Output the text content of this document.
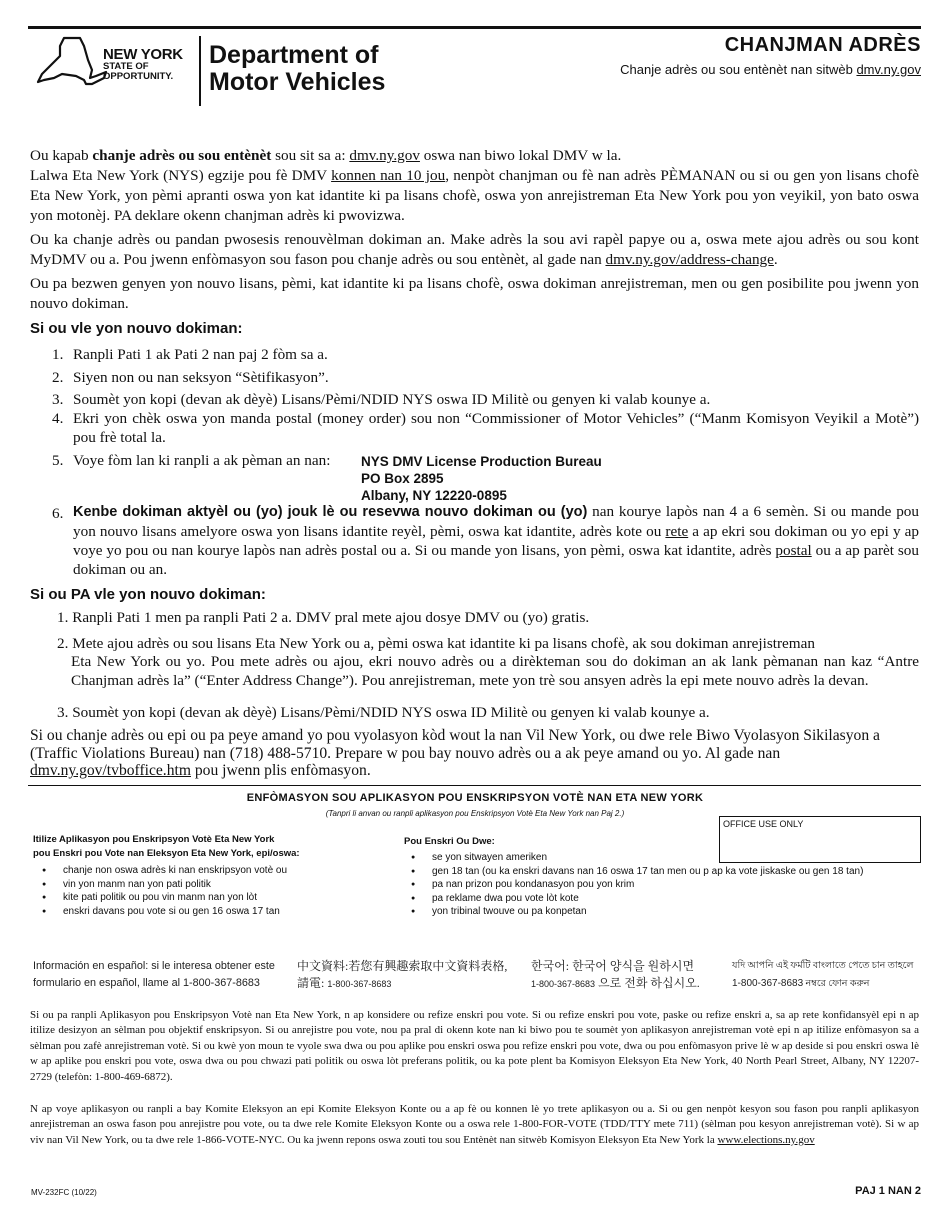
NEW YORK
STATE OF
OPPORTUNITY.
Department of
Motor Vehicles
CHANJMAN ADRÈS
Chanje adrès ou sou entènèt nan sitwèb dmv.ny.gov
Ou kapab chanje adrès ou sou entènèt sou sit sa a: dmv.ny.gov oswa nan biwo lokal DMV w la.
Lalwa Eta New York (NYS) egzije pou fè DMV konnen nan 10 jou, nenpòt chanjman ou fè nan adrès PÈMANAN ou si ou gen yon lisans chofè Eta New York, yon pèmi apranti oswa yon kat idantite ki pa lisans chofè, oswa yon anrejistreman Eta New York pou yon veyikil, yon bato oswa yon motonèj. PA deklare okenn chanjman adrès ki pwovizwa.
Ou ka chanje adrès ou pandan pwosesis renouvèlman dokiman an. Make adrès la sou avi rapèl papye ou a, oswa mete ajou adrès ou sou kont MyDMV ou a. Pou jwenn enfòmasyon sou fason pou chanje adrès ou sou entènèt, al gade nan dmv.ny.gov/address-change.
Ou pa bezwen genyen yon nouvo lisans, pèmi, kat idantite ki pa lisans chofè, oswa dokiman anrejistreman, men ou gen posibilite pou jwenn yon nouvo dokiman.
Si ou vle yon nouvo dokiman:
1. Ranpli Pati 1 ak Pati 2 nan paj 2 fòm sa a.
2. Siyen non ou nan seksyon “Sètifikasyon”.
3. Soumèt yon kopi (devan ak dèyè) Lisans/Pèmi/NDID NYS oswa ID Militè ou genyen ki valab kounye a.
4. Ekri yon chèk oswa yon manda postal (money order) sou non “Commissioner of Motor Vehicles” (“Manm Komisyon Veyikil a Motè”) pou frè total la.
5. Voye fòm lan ki ranpli a ak pèman an nan:	NYS DMV License Production Bureau
PO Box 2895
Albany, NY 12220-0895
6. Kenbe dokiman aktyèl ou (yo) jouk lè ou resevwa nouvo dokiman ou (yo) nan kourye lapòs nan 4 a 6 semèn. Si ou mande pou yon nouvo lisans amelyore oswa yon lisans idantite reyèl, pèmi, oswa kat idantite, adrès kote ou rete a ap ekri sou dokiman ou yo epi y ap voye yo pou ou nan kourye lapòs nan adrès postal ou a. Si ou mande yon lisans, yon pèmi, oswa kat idantite, adrès postal ou a ap parèt sou dokiman ou an.
Si ou PA vle yon nouvo dokiman:
1. Ranpli Pati 1 men pa ranpli Pati 2 a. DMV pral mete ajou dosye DMV ou (yo) gratis.
2. Mete ajou adrès ou sou lisans Eta New York ou a, pèmi oswa kat idantite ki pa lisans chofè, ak sou dokiman anrejistreman
Eta New York ou yo. Pou mete adrès ou ajou, ekri nouvo adrès ou a dirèkteman sou do dokiman an ak lank pèmanan nan kaz “Antre Chanjman adrès la” (“Enter Address Change”). Pou anrejistreman, mete yon trè sou ansyen adrès la epi mete nouvo adrès la devan.
3. Soumèt yon kopi (devan ak dèyè) Lisans/Pèmi/NDID NYS oswa ID Militè ou genyen ki valab kounye a.
Si ou chanje adrès ou epi ou pa peye amand yo pou vyolasyon kòd wout la nan Vil New York, ou dwe rele Biwo Vyolasyon Sikilasyon a (Traffic Violations Bureau) nan (718) 488-5710. Prepare w pou bay nouvo adrès ou a ak peye amand ou yo. Al gade nan dmv.ny.gov/tvboffice.htm pou jwenn plis enfòmasyon.
ENFÒMASYON SOU APLIKASYON POU ENSKRIPSYON VOTÈ NAN ETA NEW YORK
(Tanpri li anvan ou ranpli aplikasyon pou Enskripsyon Votè Eta New York nan Paj 2.)
OFFICE USE ONLY
Itilize Aplikasyon pou Enskripsyon Votè Eta New York
pou Enskri pou Vote nan Eleksyon Eta New York, epi/oswa:
● chanje non oswa adrès ki nan enskripsyon votè ou
● vin yon manm nan yon pati politik
● kite pati politik ou pou vin manm nan yon lòt
● enskri davans pou vote si ou gen 16 oswa 17 tan
Pou Enskri Ou Dwe:
● se yon sitwayen ameriken
● gen 18 tan (ou ka enskri davans nan 16 oswa 17 tan men ou p ap ka vote jiskaske ou gen 18 tan)
● pa nan prizon pou kondanasyon pou yon krim
● pa reklame dwa pou vote lòt kote
● yon tribinal twouve ou pa konpetan
Información en español: si le interesa obtener este
formulario en español, llame al 1-800-367-8683
中文資料:若您有興趣索取中文資料表格,
請電: 1-800-367-8683
한국어: 한국어 양식을 원하시면
1-800-367-8683 으로 전화 하십시오.
যদি আপনি এই ফর্মটি বাংলাতে পেতে চান তাহলে
1-800-367-8683 নম্বরে ফোন করুন
Si ou pa ranpli Aplikasyon pou Enskripsyon Votè nan Eta New York, n ap konsidere ou refize enskri pou vote. Si ou refize enskri pou vote, paske ou refize enskri a, sa ap rete konfidansyèl epi n ap itilize desizyon an sèlman pou objektif enskripsyon. Si ou anrejistre pou vote, nou pa pral di okenn kote nan ki biwo pou te soumèt yon aplikasyon anrejistreman votè epi n ap itilize enfòmasyon sa a sèlman pou zafè anrejistreman votè. Si ou kwè yon moun te vyole swa dwa ou pou aplike pou enskri oswa pou refize enskri pou vote, dwa ou pou enfòmasyon prive lè w ap deside si pou enskri oswa lè w ap aplike pou enskri pou vote, oswa dwa ou pou chwazi pati politik ou oswa lòt preferans politik, ou ka pote plent ba Komisyon Eleksyon Eta New York, 40 North Pearl Street, Albany, NY 12207-2729 (telefòn: 1-800-469-6872).
N ap voye aplikasyon ou ranpli a bay Komite Eleksyon an epi Komite Eleksyon Konte ou a ap fè ou konnen lè yo trete aplikasyon ou a. Si ou gen nenpòt kesyon sou fason pou ranpli aplikasyon anrejistreman an oswa fason pou anrejistre pou vote, ou ta dwe rele Komite Eleksyon Konte ou a oswa rele 1-800-FOR-VOTE (TDD/TTY mete 711) (sèlman pou kesyon anrejistreman votè). Si w ap viv nan Vil New York, ou ta dwe rele 1-866-VOTE-NYC. Ou ka jwenn repons oswa zouti tou sou Entènèt nan sitwèb Komisyon Eleksyon Eta New York la www.elections.ny.gov
MV-232FC (10/22)	PAJ 1 NAN 2
